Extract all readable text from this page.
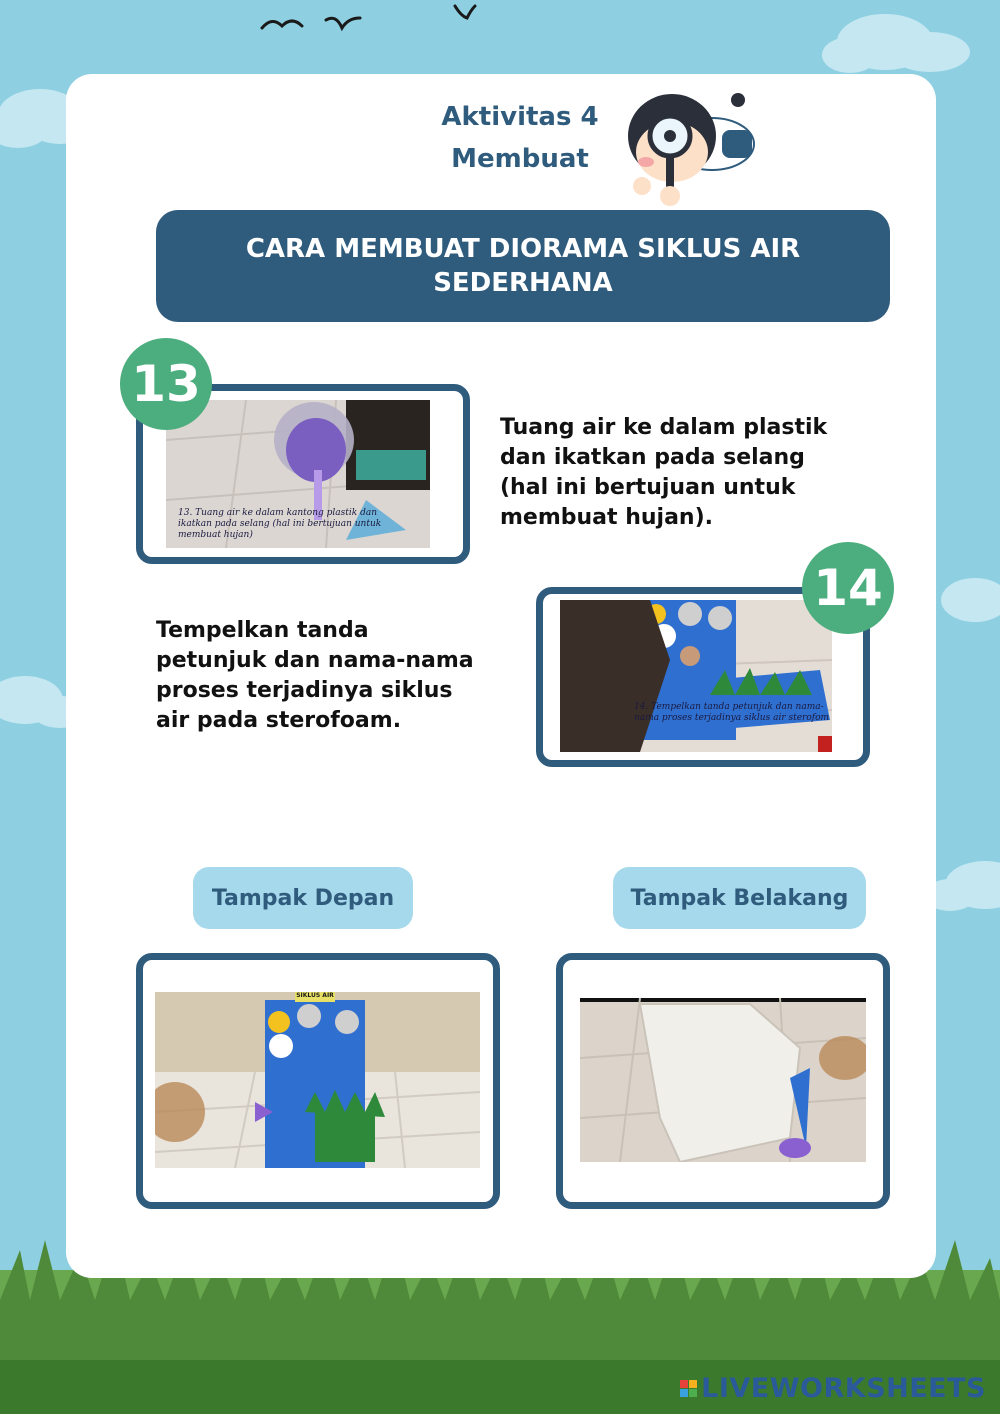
Aktivitas 4
Membuat
CARA MEMBUAT DIORAMA SIKLUS AIR SEDERHANA
13. Tuang air ke dalam kantong plastik dan ikatkan pada selang (hal ini bertujuan untuk membuat hujan)
13
Tuang air ke dalam plastik dan ikatkan pada selang (hal ini bertujuan untuk membuat hujan).
14. Tempelkan tanda petunjuk dan nama-nama proses terjadinya siklus air sterofom
14
Tempelkan tanda petunjuk dan nama-nama proses terjadinya siklus air pada sterofoam.
Tampak Depan	Tampak Belakang
SIKLUS AIR
LIVEWORKSHEETS
